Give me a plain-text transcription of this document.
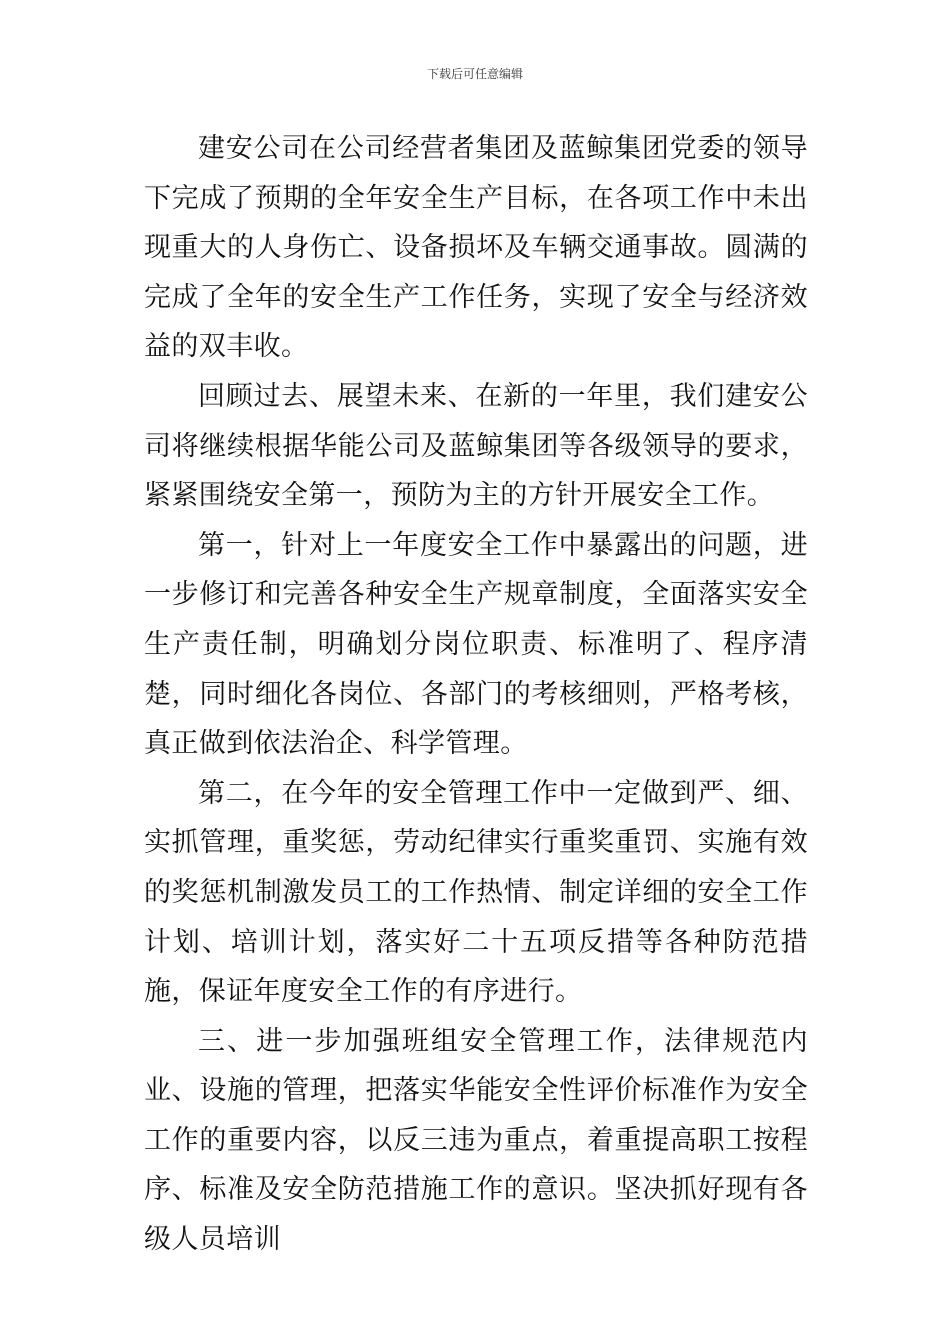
下载后可任意编辑

建安公司在公司经营者集团及蓝鲸集团党委的领导下完成了预期的全年安全生产目标，在各项工作中未出现重大的人身伤亡、设备损坏及车辆交通事故。圆满的完成了全年的安全生产工作任务，实现了安全与经济效益的双丰收。

回顾过去、展望未来、在新的一年里，我们建安公司将继续根据华能公司及蓝鲸集团等各级领导的要求，紧紧围绕安全第一，预防为主的方针开展安全工作。

第一，针对上一年度安全工作中暴露出的问题，进一步修订和完善各种安全生产规章制度，全面落实安全生产责任制，明确划分岗位职责、标准明了、程序清楚，同时细化各岗位、各部门的考核细则，严格考核，真正做到依法治企、科学管理。

第二，在今年的安全管理工作中一定做到严、细、实抓管理，重奖惩，劳动纪律实行重奖重罚、实施有效的奖惩机制激发员工的工作热情、制定详细的安全工作计划、培训计划，落实好二十五项反措等各种防范措施，保证年度安全工作的有序进行。

三、进一步加强班组安全管理工作，法律规范内业、设施的管理，把落实华能安全性评价标准作为安全工作的重要内容，以反三违为重点，着重提高职工按程序、标准及安全防范措施工作的意识。坚决抓好现有各级人员培训
